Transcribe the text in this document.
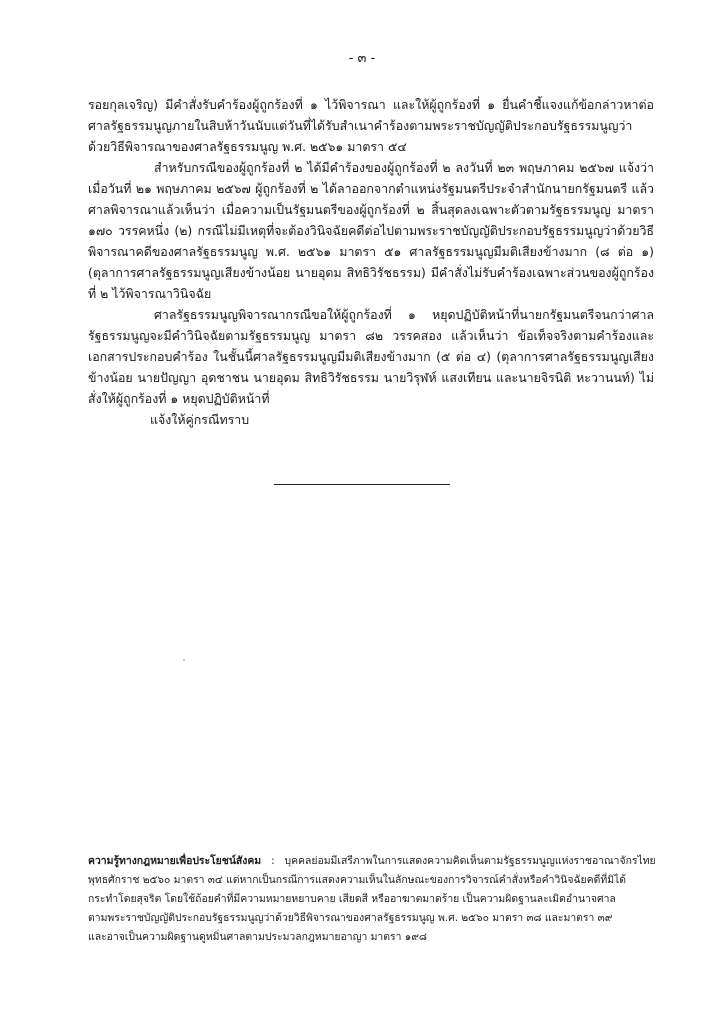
- ๓ -

รอยกุลเจริญ) มีคำสั่งรับคำร้องผู้ถูกร้องที่ ๑ ไว้พิจารณา และให้ผู้ถูกร้องที่ ๑ ยื่นคำชี้แจงแก้ข้อกล่าวหาต่อศาลรัฐธรรมนูญภายในสิบห้าวันนับแต่วันที่ได้รับสำเนาคำร้องตามพระราชบัญญัติประกอบรัฐธรรมนูญว่าด้วยวิธีพิจารณาของศาลรัฐธรรมนูญ พ.ศ. ๒๕๖๑ มาตรา ๕๔

สำหรับกรณีของผู้ถูกร้องที่ ๒ ได้มีคำร้องของผู้ถูกร้องที่ ๒ ลงวันที่ ๒๓ พฤษภาคม ๒๕๖๗ แจ้งว่า เมื่อวันที่ ๒๑ พฤษภาคม ๒๕๖๗ ผู้ถูกร้องที่ ๒ ได้ลาออกจากตำแหน่งรัฐมนตรีประจำสำนักนายกรัฐมนตรี แล้ว ศาลพิจารณาแล้วเห็นว่า เมื่อความเป็นรัฐมนตรีของผู้ถูกร้องที่ ๒ สิ้นสุดลงเฉพาะตัวตามรัฐธรรมนูญ มาตรา ๑๗๐ วรรคหนึ่ง (๒) กรณีไม่มีเหตุที่จะต้องวินิจฉัยคดีต่อไปตามพระราชบัญญัติประกอบรัฐธรรมนูญว่าด้วยวิธีพิจารณาคดีของศาลรัฐธรรมนูญ พ.ศ. ๒๕๖๑ มาตรา ๕๑ ศาลรัฐธรรมนูญมีมติเสียงข้างมาก (๘ ต่อ ๑) (ตุลาการศาลรัฐธรรมนูญเสียงข้างน้อย นายอุดม สิทธิวิรัชธรรม) มีคำสั่งไม่รับคำร้องเฉพาะส่วนของผู้ถูกร้องที่ ๒ ไว้พิจารณาวินิจฉัย

ศาลรัฐธรรมนูญพิจารณากรณีขอให้ผู้ถูกร้องที่ ๑ หยุดปฏิบัติหน้าที่นายกรัฐมนตรีจนกว่าศาลรัฐธรรมนูญจะมีคำวินิจฉัยตามรัฐธรรมนูญ มาตรา ๘๒ วรรคสอง แล้วเห็นว่า ข้อเท็จจริงตามคำร้องและเอกสารประกอบคำร้อง ในชั้นนี้ศาลรัฐธรรมนูญมีมติเสียงข้างมาก (๕ ต่อ ๔) (ตุลาการศาลรัฐธรรมนูญเสียงข้างน้อย นายปัญญา อุดชาชน นายอุดม สิทธิวิรัชธรรม นายวิรุฬห์ แสงเทียน และนายจิรนิติ หะวานนท์) ไม่สั่งให้ผู้ถูกร้องที่ ๑ หยุดปฏิบัติหน้าที่

แจ้งให้คู่กรณีทราบ

ความรู้ทางกฎหมายเพื่อประโยชน์สังคม : บุคคลย่อมมีเสรีภาพในการแสดงความคิดเห็นตามรัฐธรรมนูญแห่งราชอาณาจักรไทย

พุทธศักราช ๒๕๖๐ มาตรา ๓๔ แต่หากเป็นกรณีการแสดงความเห็นในลักษณะของการวิจารณ์คำสั่งหรือคำวินิจฉัยคดีที่มิได้

กระทำโดยสุจริต โดยใช้ถ้อยคำที่มีความหมายหยาบคาย เสียดสี หรืออาฆาตมาดร้าย เป็นความผิดฐานละเมิดอำนาจศาล

ตามพระราชบัญญัติประกอบรัฐธรรมนูญว่าด้วยวิธีพิจารณาของศาลรัฐธรรมนูญ พ.ศ. ๒๕๖๐ มาตรา ๓๘ และมาตรา ๓๙

และอาจเป็นความผิดฐานดูหมิ่นศาลตามประมวลกฎหมายอาญา มาตรา ๑๙๘
